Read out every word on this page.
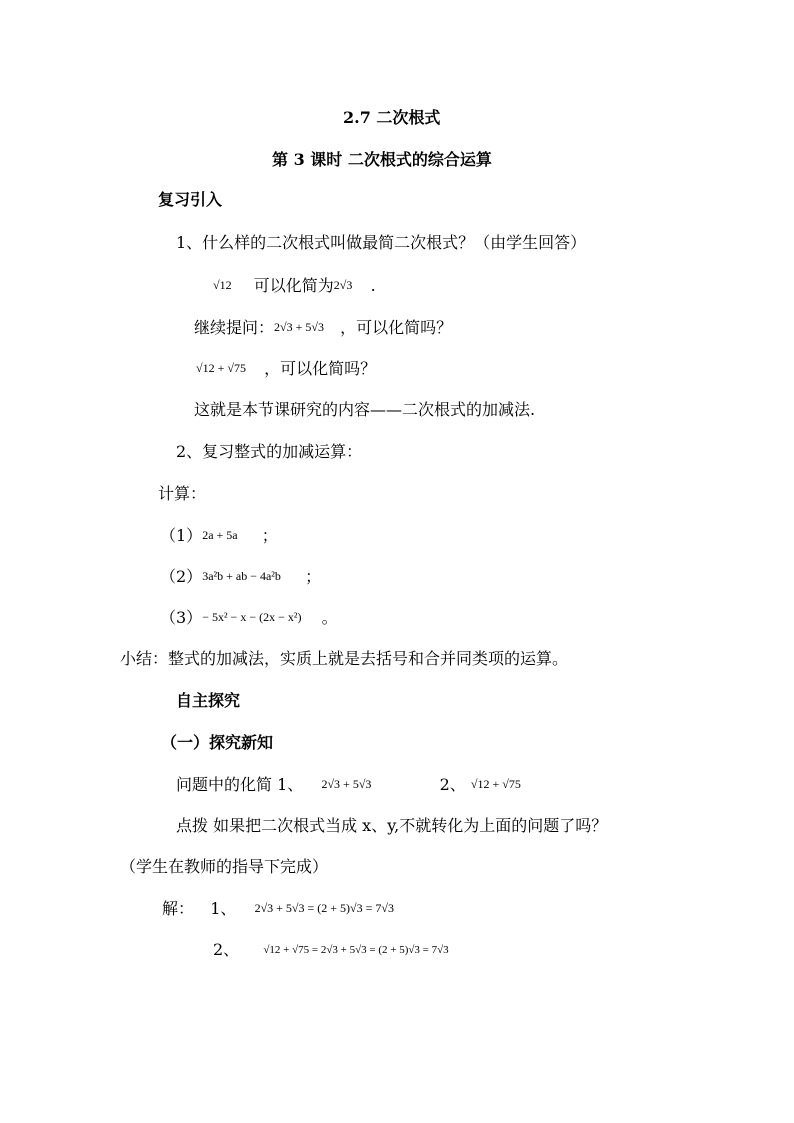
2.7 二次根式
第 3 课时 二次根式的综合运算
复习引入
1、什么样的二次根式叫做最简二次根式？（由学生回答）
√12 可以化简为2√3 .
继续提问：2√3 + 5√3 ，可以化简吗？
√12 + √75 ，可以化简吗？
这就是本节课研究的内容——二次根式的加减法.
2、复习整式的加减运算：
计算：
（1）2a + 5a ；
（2）3a²b + ab − 4a²b ；
（3）− 5x² − x − (2x − x²) 。
小结：整式的加减法，实质上就是去括号和合并同类项的运算。
自主探究
（一）探究新知
问题中的化简 1、 2√3 + 5√3	2、 √12 + √75
点拨 如果把二次根式当成 x、y,不就转化为上面的问题了吗？
（学生在教师的指导下完成）
解： 1、 2√3 + 5√3 = (2 + 5)√3 = 7√3
2、 √12 + √75 = 2√3 + 5√3 = (2 + 5)√3 = 7√3
